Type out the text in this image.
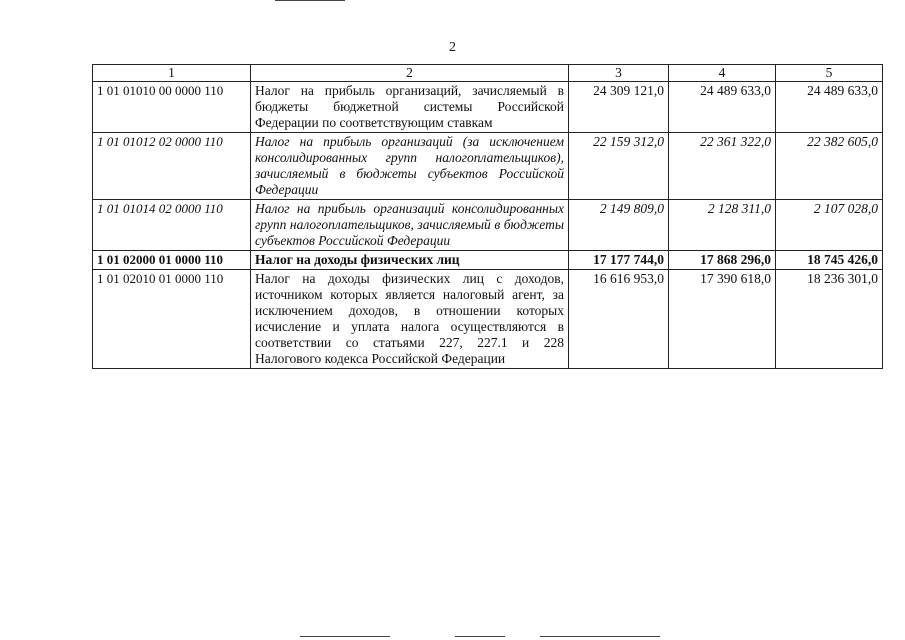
2
1	2	3	4	5
1 01 01010 00 0000 110	Налог на прибыль организаций, зачисляемый в бюджеты бюджетной системы Российской Федерации по соответствующим ставкам	24 309 121,0	24 489 633,0	24 489 633,0
1 01 01012 02 0000 110	Налог на прибыль организаций (за исключением консолидированных групп налогоплательщиков), зачисляемый в бюджеты субъектов Российской Федерации	22 159 312,0	22 361 322,0	22 382 605,0
1 01 01014 02 0000 110	Налог на прибыль организаций консолидированных групп налогоплательщиков, зачисляемый в бюджеты субъектов Российской Федерации	2 149 809,0	2 128 311,0	2 107 028,0
1 01 02000 01 0000 110	Налог на доходы физических лиц	17 177 744,0	17 868 296,0	18 745 426,0
1 01 02010 01 0000 110	Налог на доходы физических лиц с доходов, источником которых является налоговый агент, за исключением доходов, в отношении которых исчисление и уплата налога осуществляются в соответствии со статьями 227, 227.1 и 228 Налогового кодекса Российской Федерации	16 616 953,0	17 390 618,0	18 236 301,0
